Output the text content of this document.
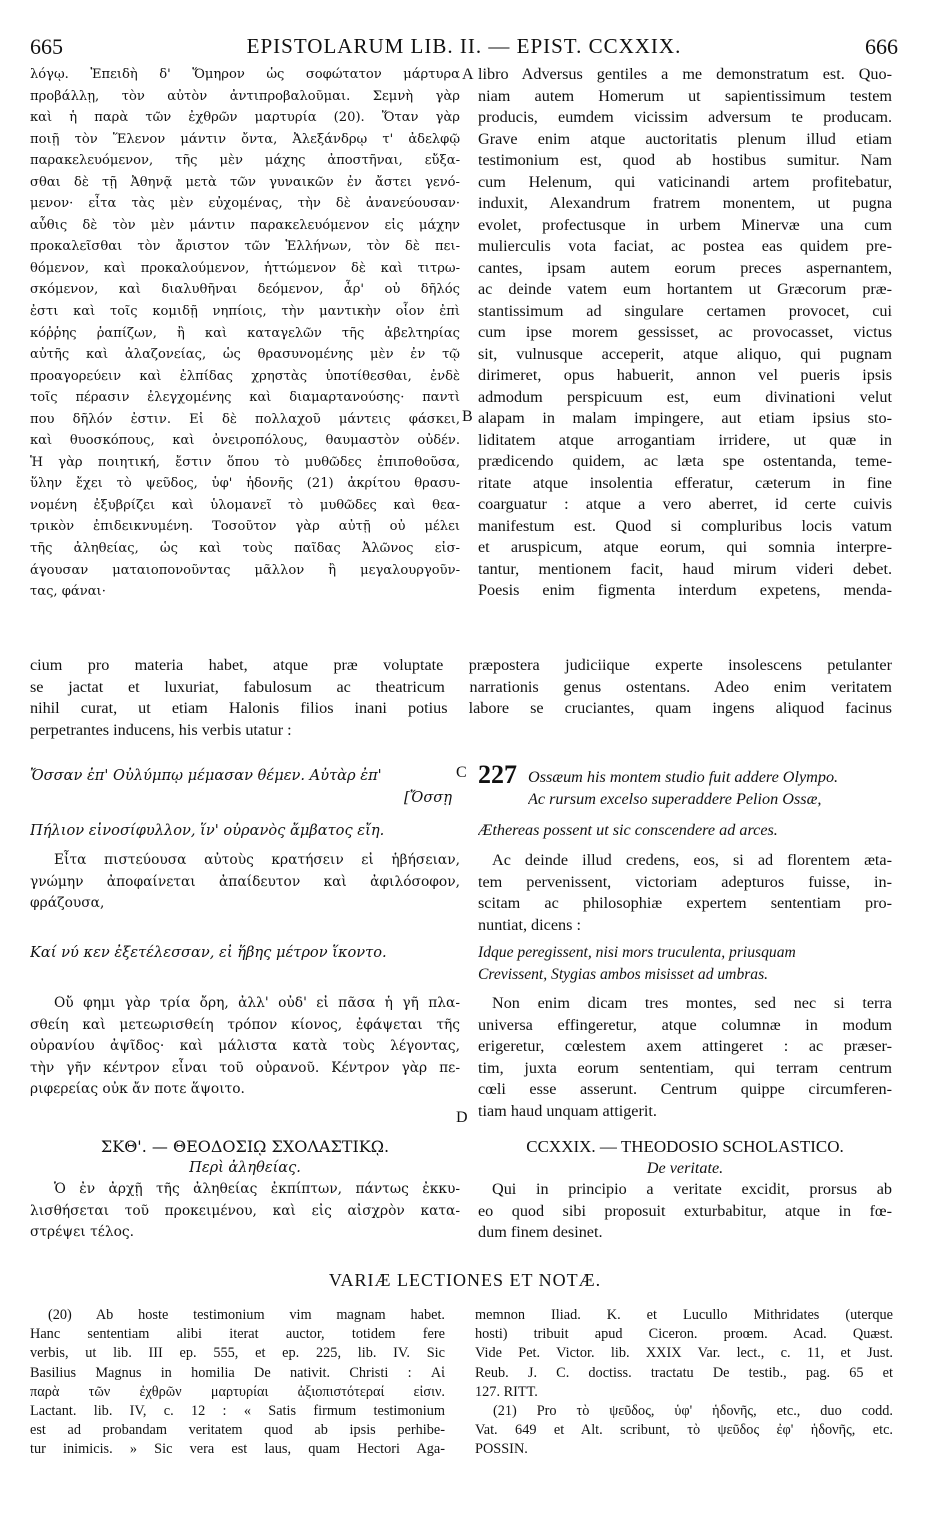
665	EPISTOLARUM LIB. II. — EPIST. CCXXIX.	666
λόγῳ. Ἐπειδὴ δ' Ὅμηρον ὡς σοφώτατον μάρτυρα
προβάλλῃ, τὸν αὐτὸν ἀντιπροβαλοῦμαι. Σεμνὴ γὰρ
καὶ ἡ παρὰ τῶν ἐχθρῶν μαρτυρία (20). Ὅταν γὰρ
ποιῇ τὸν Ἕλενον μάντιν ὄντα, Ἀλεξάνδρῳ τ' ἀδελφῷ
παρακελευόμενον, τῆς μὲν μάχης ἀποστῆναι, εὔξα-
σθαι δὲ τῇ Ἀθηνᾷ μετὰ τῶν γυναικῶν ἐν ἄστει γενό-
μενον· εἶτα τὰς μὲν εὐχομένας, τὴν δὲ ἀνανεύουσαν·
αὖθις δὲ τὸν μὲν μάντιν παρακελευόμενον εἰς μάχην
προκαλεῖσθαι τὸν ἄριστον τῶν Ἑλλήνων, τὸν δὲ πει-
θόμενον, καὶ προκαλούμενον, ἡττώμενον δὲ καὶ τιτρω-
σκόμενον, καὶ διαλυθῆναι δεόμενον, ἆρ' οὐ δῆλός
ἐστι καὶ τοῖς κομιδῇ νηπίοις, τὴν μαντικὴν οἷον ἐπὶ
κόῤῥης ῥαπίζων, ἢ καὶ καταγελῶν τῆς ἀβελτηρίας
αὐτῆς καὶ ἀλαζονείας, ὡς θρασυνομένης μὲν ἐν τῷ
προαγορεύειν καὶ ἐλπίδας χρηστὰς ὑποτίθεσθαι, ἐνδὲ
τοῖς πέρασιν ἐλεγχομένης καὶ διαμαρτανούσης· παντὶ
που δῆλόν ἐστιν. Εἰ δὲ πολλαχοῦ μάντεις φάσκει,
καὶ θυοσκόπους, καὶ ὀνειροπόλους, θαυμαστὸν οὐδέν.
Ἡ γὰρ ποιητική, ἔστιν ὅπου τὸ μυθῶδες ἐπιποθοῦσα,
ὕλην ἔχει τὸ ψεῦδος, ὑφ' ἡδονῆς (21) ἀκρίτου θρασυ-
νομένη ἐξυβρίζει καὶ ὑλομανεῖ τὸ μυθῶδες καὶ θεα-
τρικὸν ἐπιδεικνυμένη. Τοσοῦτον γὰρ αὐτῇ οὐ μέλει
τῆς ἀληθείας, ὡς καὶ τοὺς παῖδας Ἀλῶνος εἰσ-
άγουσαν ματαιοπονοῦντας μᾶλλον ἢ μεγαλουργοῦν-
τας, φάναι·
A
B
C
D
libro Adversus gentiles a me demonstratum est. Quo-
niam autem Homerum ut sapientissimum testem
producis, eumdem vicissim adversum te producam.
Grave enim atque auctoritatis plenum illud etiam
testimonium est, quod ab hostibus sumitur. Nam
cum Helenum, qui vaticinandi artem profitebatur,
induxit, Alexandrum fratrem monentem, ut pugna
evolet, profectusque in urbem Minervæ una cum
mulierculis vota faciat, ac postea eas quidem pre-
cantes, ipsam autem eorum preces aspernantem,
ac deinde vatem eum hortantem ut Græcorum præ-
stantissimum ad singulare certamen provocet, cui
cum ipse morem gessisset, ac provocasset, victus
sit, vulnusque acceperit, atque aliquo, qui pugnam
dirimeret, opus habuerit, annon vel pueris ipsis
admodum perspicuum est, eum divinationi velut
alapam in malam impingere, aut etiam ipsius sto-
liditatem atque arrogantiam irridere, ut quæ in
prædicendo quidem, ac læta spe ostentanda, teme-
ritate atque insolentia efferatur, cæterum in fine
coarguatur : atque a vero aberret, id certe cuivis
manifestum est. Quod si compluribus locis vatum
et aruspicum, atque eorum, qui somnia interpre-
tantur, mentionem facit, haud mirum videri debet.
Poesis enim figmenta interdum expetens, menda-
cium pro materia habet, atque præ voluptate præpostera judiciique experte insolescens petulanter
se jactat et luxuriat, fabulosum ac theatricum narrationis genus ostentans. Adeo enim veritatem
nihil curat, ut etiam Halonis filios inani potius labore se cruciantes, quam ingens aliquod facinus
perpetrantes inducens, his verbis utatur :
Ὄσσαν ἐπ' Οὐλύμπῳ μέμασαν θέμεν. Αὐτὰρ ἐπ'
[Ὄσσῃ
Πήλιον εἰνοσίφυλλον, ἵν' οὐρανὸς ἄμβατος εἴη.
227 Ossæum his montem studio fuit addere Olympo.
Ac rursum excelso superaddere Pelion Ossæ,
Æthereas possent ut sic conscendere ad arces.
Εἶτα πιστεύουσα αὐτοὺς κρατήσειν εἰ ἡβήσειαν,
γνώμην ἀποφαίνεται ἀπαίδευτον καὶ ἀφιλόσοφον,
φράζουσα,
Ac deinde illud credens, eos, si ad florentem æta-
tem pervenissent, victoriam adepturos fuisse, in-
scitam ac philosophiæ expertem sententiam pro-
nuntiat, dicens :
Καί νύ κεν ἐξετέλεσσαν, εἰ ἥβης μέτρον ἵκοντο.	Idque peregissent, nisi mors truculenta, priusquam
Crevissent, Stygias ambos misisset ad umbras.
Οὔ φημι γὰρ τρία ὄρη, ἀλλ' οὐδ' εἰ πᾶσα ἡ γῆ πλα-
σθείη καὶ μετεωρισθείη τρόπον κίονος, ἐφάψεται τῆς
οὐρανίου ἀψῖδος· καὶ μάλιστα κατὰ τοὺς λέγοντας,
τὴν γῆν κέντρον εἶναι τοῦ οὐρανοῦ. Κέντρον γὰρ πε-
ριφερείας οὐκ ἄν ποτε ἅψοιτο.
Non enim dicam tres montes, sed nec si terra
universa effingeretur, atque columnæ in modum
erigeretur, cœlestem axem attingeret : ac præser-
tim, juxta eorum sententiam, qui terram centrum
cœli esse asserunt. Centrum quippe circumferen-
tiam haud unquam attigerit.
ΣΚΘ'. — ΘΕΟΔΟΣΙῼ ΣΧΟΛΑΣΤΙΚῼ.
Περὶ ἀληθείας.
Ὁ ἐν ἀρχῇ τῆς ἀληθείας ἐκπίπτων, πάντως ἐκκυ-
λισθήσεται τοῦ προκειμένου, καὶ εἰς αἰσχρὸν κατα-
στρέψει τέλος.
CCXXIX. — THEODOSIO SCHOLASTICO.
De veritate.
Qui in principio a veritate excidit, prorsus ab
eo quod sibi proposuit exturbabitur, atque in fœ-
dum finem desinet.
VARIÆ LECTIONES ET NOTÆ.
(20) Ab hoste testimonium vim magnam habet.
Hanc sententiam alibi iterat auctor, totidem fere
verbis, ut lib. III ep. 555, et ep. 225, lib. IV. Sic
Basilius Magnus in homilia De nativit. Christi : Αἱ
παρὰ τῶν ἐχθρῶν μαρτυρίαι ἀξιοπιστότεραί εἰσιν.
Lactant. lib. IV, c. 12 : « Satis firmum testimonium
est ad probandam veritatem quod ab ipsis perhibe-
tur inimicis. » Sic vera est laus, quam Hectori Aga-
memnon Iliad. K. et Lucullo Mithridates (uterque
hosti) tribuit apud Ciceron. proœm. Acad. Quæst.
Vide Pet. Victor. lib. XXIX Var. lect., c. 11, et Just.
Reub. J. C. doctiss. tractatu De testib., pag. 65 et
127. RITT.
(21) Pro τὸ ψεῦδος, ὑφ' ἡδονῆς, etc., duo codd.
Vat. 649 et Alt. scribunt, τὸ ψεῦδος ἐφ' ἡδονῆς, etc.
POSSIN.
